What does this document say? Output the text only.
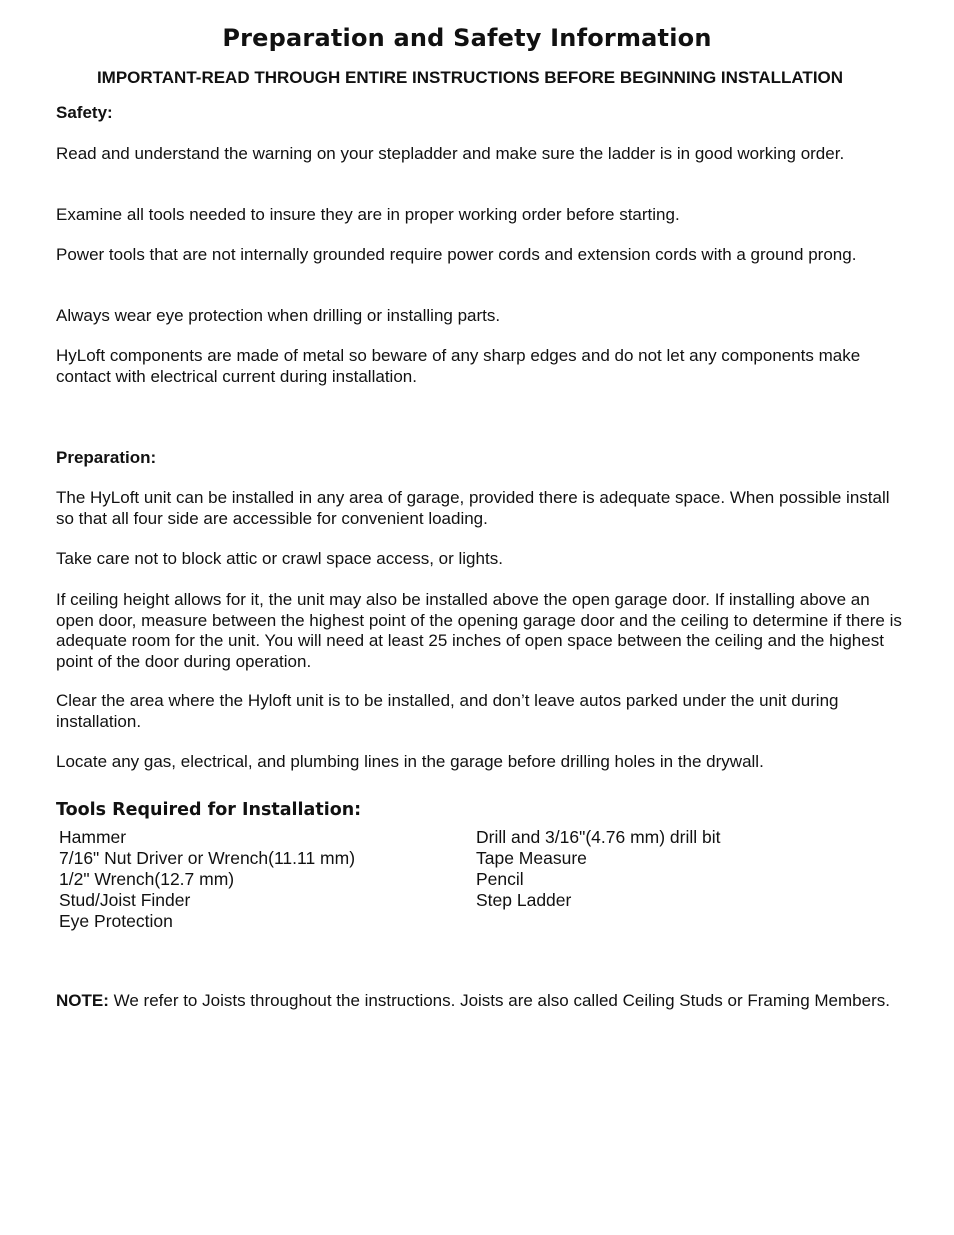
Preparation and Safety Information
IMPORTANT-READ THROUGH ENTIRE INSTRUCTIONS BEFORE BEGINNING INSTALLATION
Safety:
Read and understand the warning on your stepladder and make sure the ladder is in good working order.
Examine all tools needed to insure they are in proper working order before starting.
Power tools that are not internally grounded require power cords and extension cords with a ground prong.
Always wear eye protection when drilling or installing parts.
HyLoft components are made of metal so beware of any sharp edges and do not let any components make contact with electrical current during installation.
Preparation:
The HyLoft unit can be installed in any area of garage, provided there is adequate space. When possible install so that all four side are accessible for convenient loading.
Take care not to block attic or crawl space access, or lights.
If ceiling height allows for it, the unit may also be installed above the open garage door. If installing above an open door, measure between the highest point of the opening garage door and the ceiling to determine if there is adequate room for the unit. You will need at least 25 inches of open space between the ceiling and the highest point of the door during operation.
Clear the area where the Hyloft unit is to be installed, and don’t leave autos parked under the unit during installation.
Locate any gas, electrical, and plumbing lines in the garage before drilling holes in the drywall.
Tools Required for Installation:
Hammer
7/16" Nut Driver or Wrench(11.11 mm)
1/2" Wrench(12.7 mm)
Stud/Joist Finder
Eye Protection
Drill and 3/16"(4.76 mm) drill bit
Tape Measure
Pencil
Step Ladder
NOTE: We refer to Joists throughout the instructions. Joists are also called Ceiling Studs or Framing Members.
